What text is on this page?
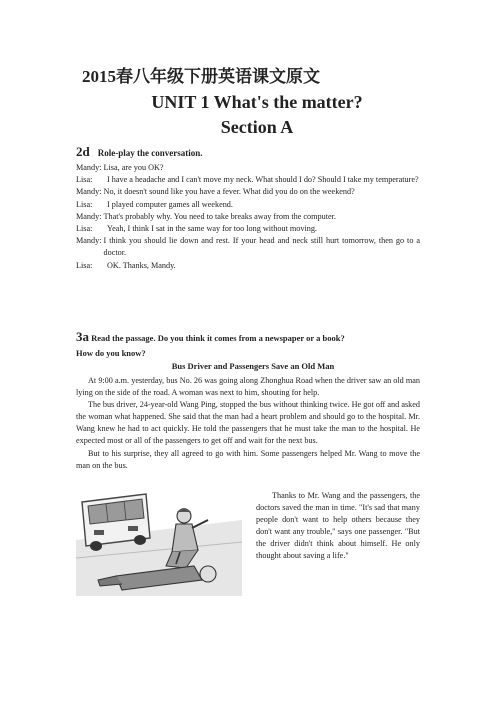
2015春八年级下册英语课文原文
UNIT 1 What's the matter?
Section A
2d Role-play the conversation.
Mandy:
Lisa, are you OK?
Lisa:	I have a headache and I can't move my neck. What should I do? Should I take my temperature?
Mandy:
No, it doesn't sound like you have a fever. What did you do on the weekend?
Lisa:	I played computer games all weekend.
Mandy:
That's probably why. You need to take breaks away from the computer.
Lisa:	Yeah, I think I sat in the same way for too long without moving.
Mandy:
I think you should lie down and rest. If your head and neck still hurt tomorrow, then go to a doctor.
Lisa:	OK. Thanks, Mandy.
3a Read the passage. Do you think it comes from a newspaper or a book?
How do you know?
Bus Driver and Passengers Save an Old Man

At 9:00 a.m. yesterday, bus No. 26 was going along Zhonghua Road when the driver saw an old man lying on the side of the road. A woman was next to him, shouting for help.

The bus driver, 24-year-old Wang Ping, stopped the bus without thinking twice. He got off and asked the woman what happened. She said that the man had a heart problem and should go to the hospital. Mr. Wang knew he had to act quickly. He told the passengers that he must take the man to the hospital. He expected most or all of the passengers to get off and wait for the next bus.

But to his surprise, they all agreed to go with him. Some passengers helped Mr. Wang to move the man on the bus.

Thanks to Mr. Wang and the passengers, the doctors saved the man in time. "It's sad that many people don't want to help others because they don't want any trouble," says one passenger. "But the driver didn't think about himself. He only thought about saving a life."
